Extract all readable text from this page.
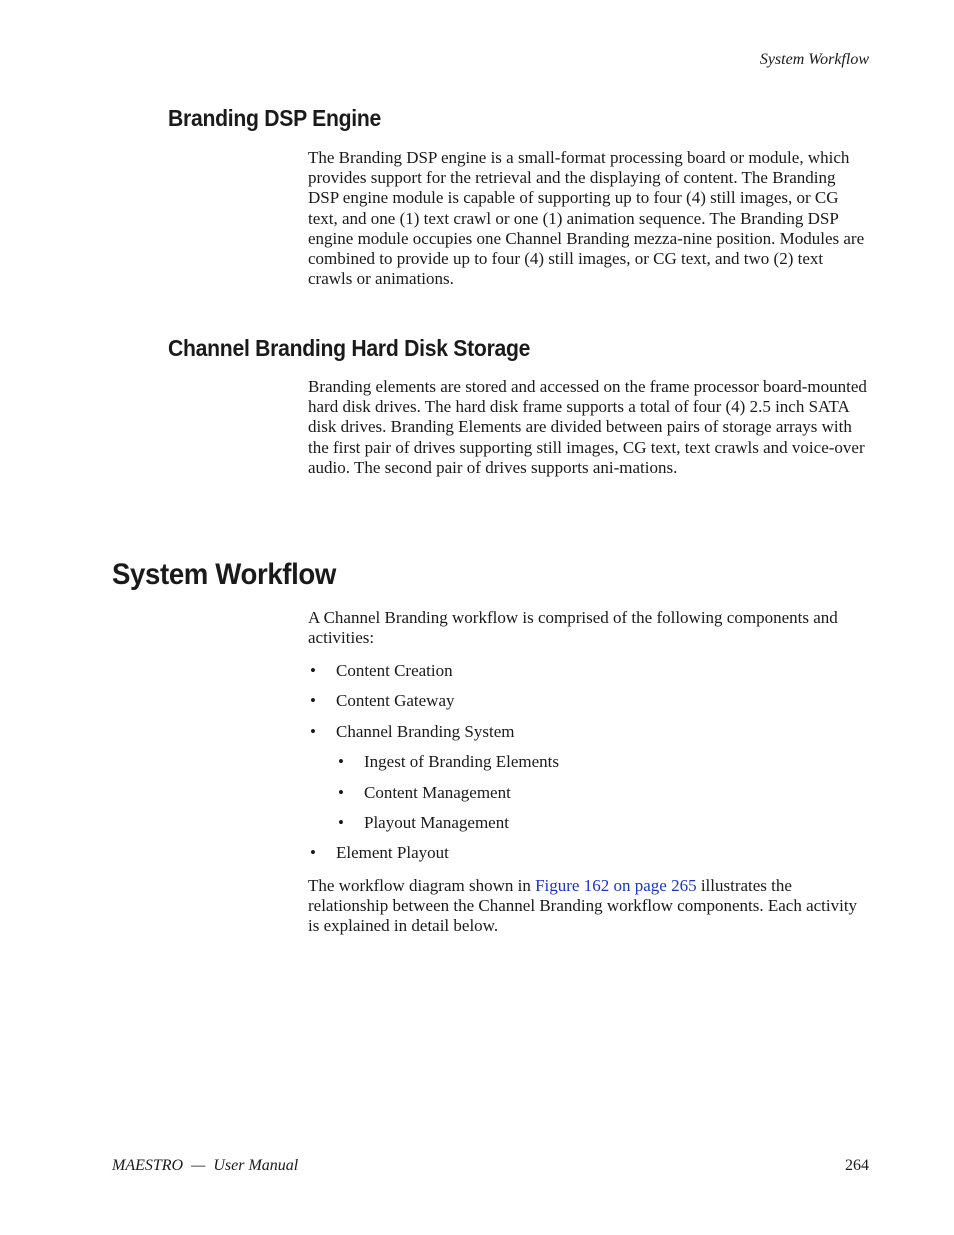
System Workflow
Branding DSP Engine

The Branding DSP engine is a small-format processing board or module, which provides support for the retrieval and the displaying of content. The Branding DSP engine module is capable of supporting up to four (4) still images, or CG text, and one (1) text crawl or one (1) animation sequence. The Branding DSP engine module occupies one Channel Branding mezza-nine position. Modules are combined to provide up to four (4) still images, or CG text, and two (2) text crawls or animations.

Channel Branding Hard Disk Storage

Branding elements are stored and accessed on the frame processor board-mounted hard disk drives. The hard disk frame supports a total of four (4) 2.5 inch SATA disk drives. Branding Elements are divided between pairs of storage arrays with the first pair of drives supporting still images, CG text, text crawls and voice-over audio. The second pair of drives supports ani-mations.

System Workflow

A Channel Branding workflow is comprised of the following components and activities:

• Content Creation
• Content Gateway
• Channel Branding System
• Ingest of Branding Elements
• Content Management
• Playout Management
• Element Playout

The workflow diagram shown in Figure 162 on page 265 illustrates the relationship between the Channel Branding workflow components. Each activity is explained in detail below.

MAESTRO  —  User Manual	264
